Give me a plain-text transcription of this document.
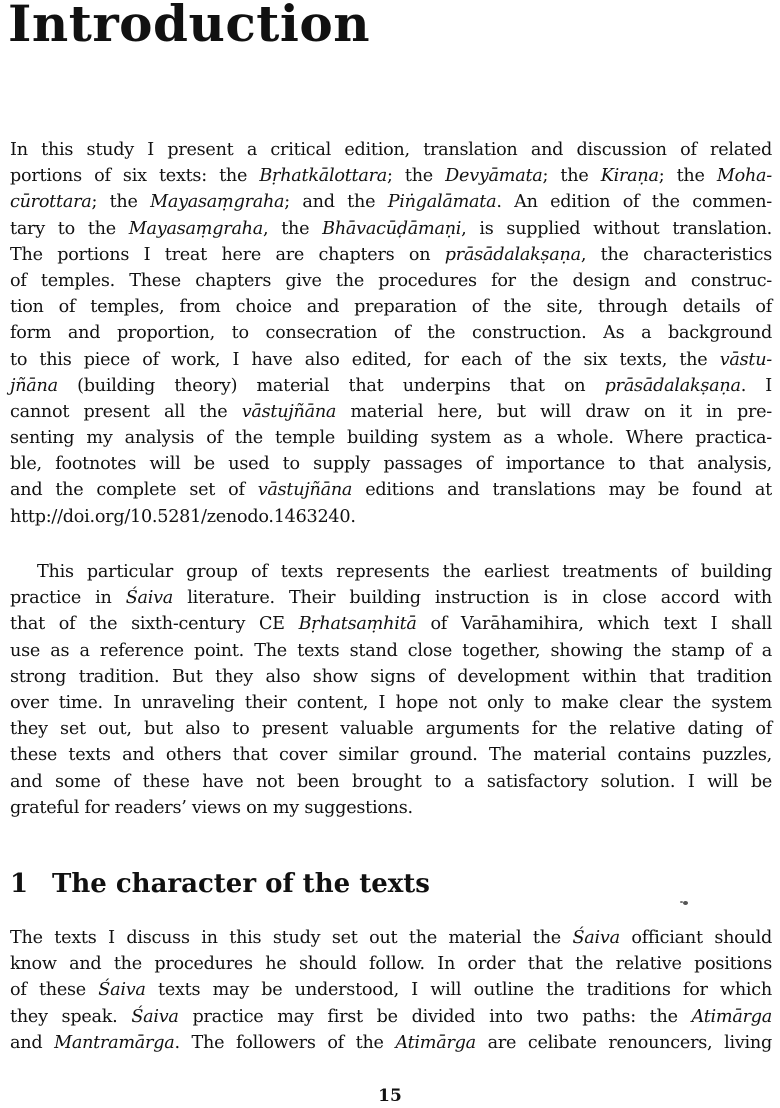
Introduction
In this study I present a critical edition, translation and discussion of related
portions of six texts: the Bṛhatkālottara; the Devyāmata; the Kiraṇa; the Moha-
cūrottara; the Mayasaṃgraha; and the Piṅgalāmata. An edition of the commen-
tary to the Mayasaṃgraha, the Bhāvacūḍāmaṇi, is supplied without translation.
The portions I treat here are chapters on prāsādalakṣaṇa, the characteristics
of temples. These chapters give the procedures for the design and construc-
tion of temples, from choice and preparation of the site, through details of
form and proportion, to consecration of the construction. As a background
to this piece of work, I have also edited, for each of the six texts, the vāstu-
jñāna (building theory) material that underpins that on prāsādalakṣaṇa. I
cannot present all the vāstujñāna material here, but will draw on it in pre-
senting my analysis of the temple building system as a whole. Where practica-
ble, footnotes will be used to supply passages of importance to that analysis,
and the complete set of vāstujñāna editions and translations may be found at
http://doi.org/10.5281/zenodo.1463240.
This particular group of texts represents the earliest treatments of building
practice in Śaiva literature. Their building instruction is in close accord with
that of the sixth-century CE Bṛhatsaṃhitā of Varāhamihira, which text I shall
use as a reference point. The texts stand close together, showing the stamp of a
strong tradition. But they also show signs of development within that tradition
over time. In unraveling their content, I hope not only to make clear the system
they set out, but also to present valuable arguments for the relative dating of
these texts and others that cover similar ground. The material contains puzzles,
and some of these have not been brought to a satisfactory solution. I will be
grateful for readers’ views on my suggestions.
1 The character of the texts
The texts I discuss in this study set out the material the Śaiva officiant should
know and the procedures he should follow. In order that the relative positions
of these Śaiva texts may be understood, I will outline the traditions for which
they speak. Śaiva practice may first be divided into two paths: the Atimārga
and Mantramārga. The followers of the Atimārga are celibate renouncers, living
15
